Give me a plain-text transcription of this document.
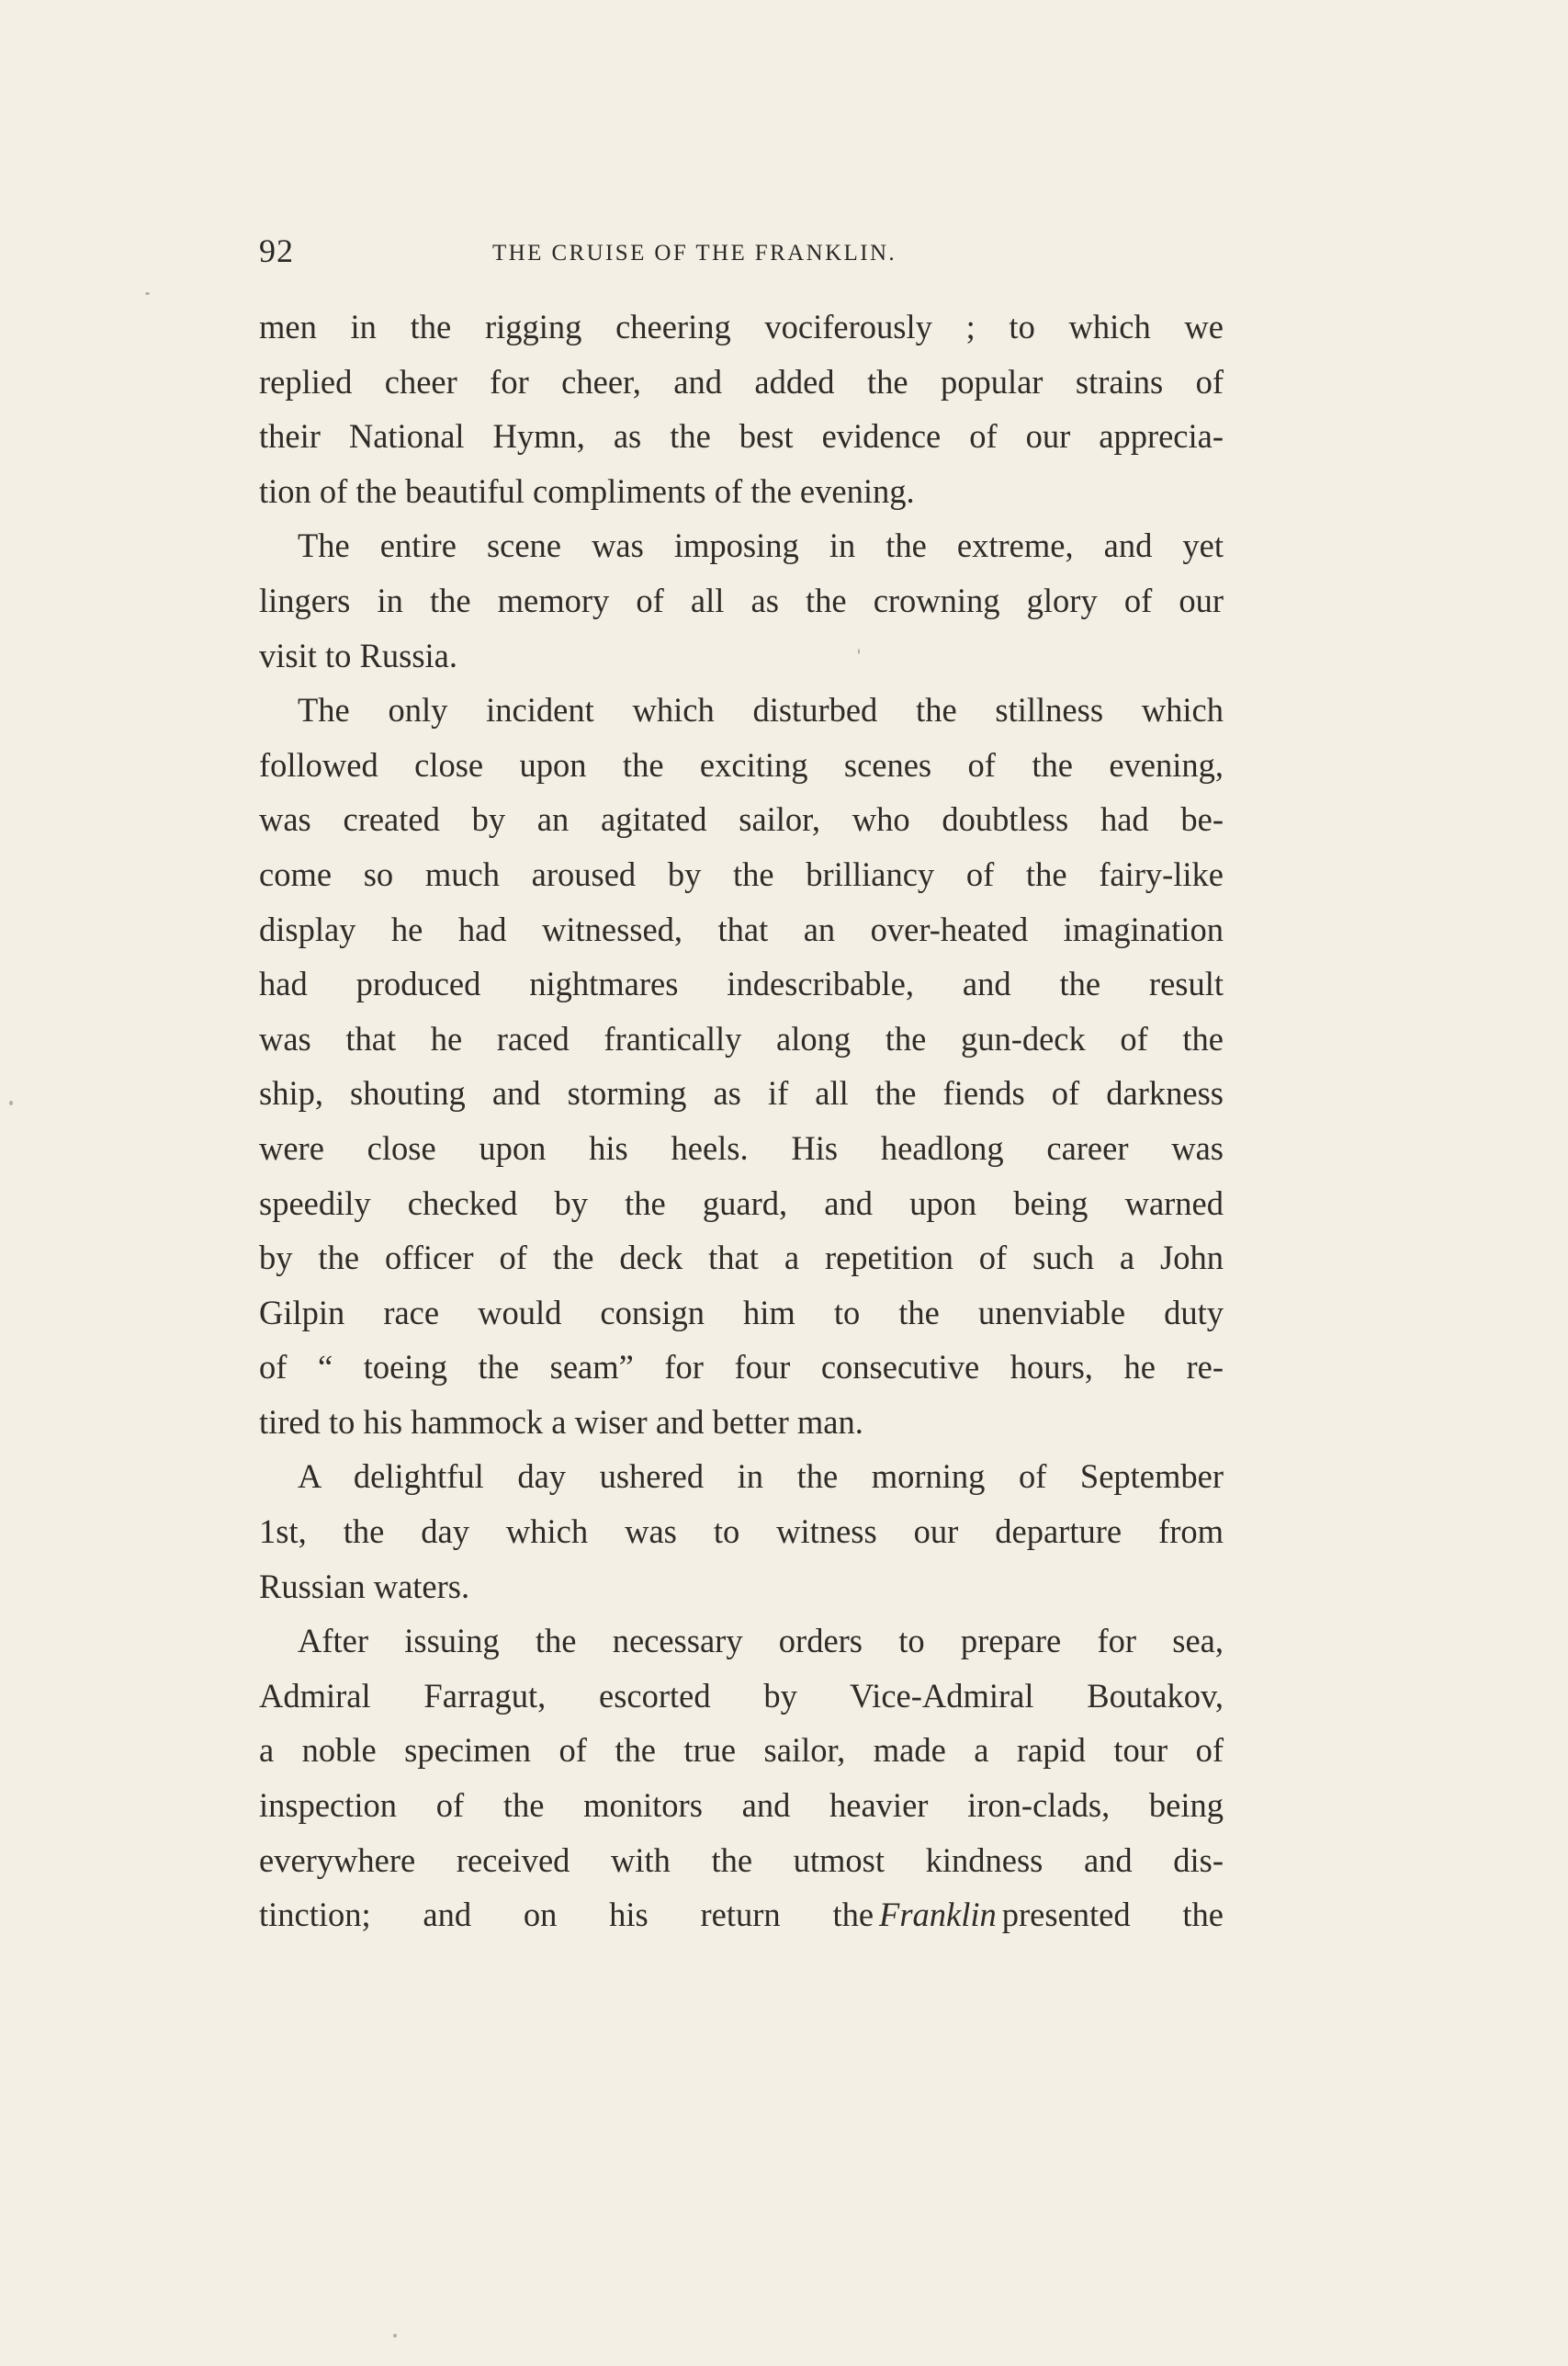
92	THE CRUISE OF THE FRANKLIN.
men in the rigging cheering vociferously ; to which we
replied cheer for cheer, and added the popular strains of
their National Hymn, as the best evidence of our apprecia-
tion of the beautiful compliments of the evening.
The entire scene was imposing in the extreme, and yet
lingers in the memory of all as the crowning glory of our
visit to Russia.
The only incident which disturbed the stillness which
followed close upon the exciting scenes of the evening,
was created by an agitated sailor, who doubtless had be-
come so much aroused by the brilliancy of the fairy-like
display he had witnessed, that an over-heated imagination
had produced nightmares indescribable, and the result
was that he raced frantically along the gun-deck of the
ship, shouting and storming as if all the fiends of darkness
were close upon his heels. His headlong career was
speedily checked by the guard, and upon being warned
by the officer of the deck that a repetition of such a John
Gilpin race would consign him to the unenviable duty
of “ toeing the seam” for four consecutive hours, he re-
tired to his hammock a wiser and better man.
A delightful day ushered in the morning of September
1st, the day which was to witness our departure from
Russian waters.
After issuing the necessary orders to prepare for sea,
Admiral Farragut, escorted by Vice-Admiral Boutakov,
a noble specimen of the true sailor, made a rapid tour of
inspection of the monitors and heavier iron-clads, being
everywhere received with the utmost kindness and dis-
tinction; and on his return the Franklin presented the
